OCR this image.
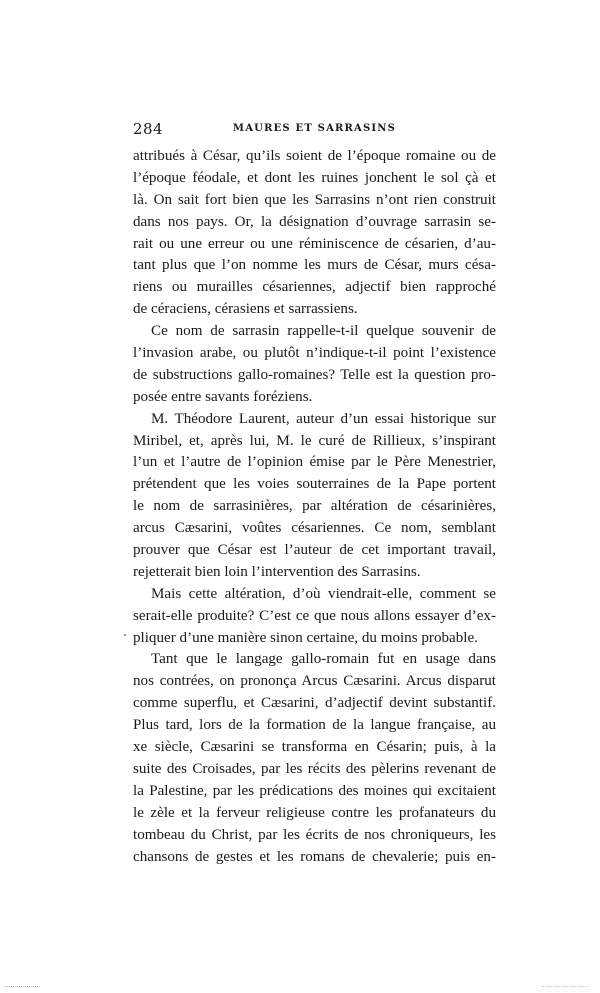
284	MAURES ET SARRASINS
attribués à César, qu’ils soient de l’époque romaine ou de
l’époque féodale, et dont les ruines jonchent le sol çà et
là. On sait fort bien que les Sarrasins n’ont rien construit
dans nos pays. Or, la désignation d’ouvrage sarrasin se-
rait ou une erreur ou une réminiscence de césarien, d’au-
tant plus que l’on nomme les murs de César, murs césa-
riens ou murailles césariennes, adjectif bien rapproché
de céraciens, cérasiens et sarrassiens.
Ce nom de sarrasin rappelle-t-il quelque souvenir de
l’invasion arabe, ou plutôt n’indique-t-il point l’existence
de substructions gallo-romaines? Telle est la question pro-
posée entre savants foréziens.
M. Théodore Laurent, auteur d’un essai historique sur
Miribel, et, après lui, M. le curé de Rillieux, s’inspirant
l’un et l’autre de l’opinion émise par le Père Menestrier,
prétendent que les voies souterraines de la Pape portent
le nom de sarrasinières, par altération de césarinières,
arcus Cæsarini, voûtes césariennes. Ce nom, semblant
prouver que César est l’auteur de cet important travail,
rejetterait bien loin l’intervention des Sarrasins.
Mais cette altération, d’où viendrait-elle, comment se
serait-elle produite? C’est ce que nous allons essayer d’ex-
pliquer d’une manière sinon certaine, du moins probable.
Tant que le langage gallo-romain fut en usage dans
nos contrées, on prononça Arcus Cæsarini. Arcus disparut
comme superflu, et Cæsarini, d’adjectif devint substantif.
Plus tard, lors de la formation de la langue française, au
xe siècle, Cæsarini se transforma en Césarin; puis, à la
suite des Croisades, par les récits des pèlerins revenant de
la Palestine, par les prédications des moines qui excitaient
le zèle et la ferveur religieuse contre les profanateurs du
tombeau du Christ, par les écrits de nos chroniqueurs, les
chansons de gestes et les romans de chevalerie; puis en-
